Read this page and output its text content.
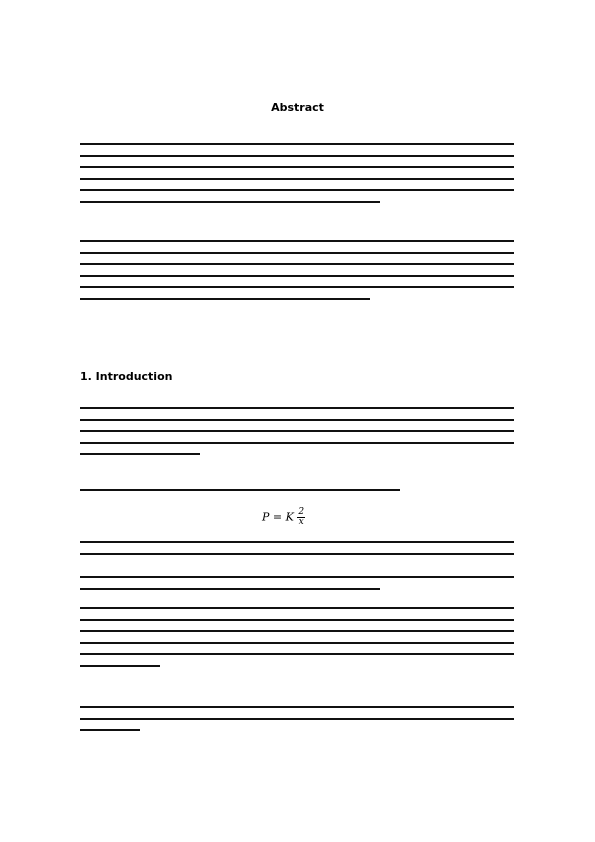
Abstract
1. Introduction
P = K $\frac{2}{x}$
